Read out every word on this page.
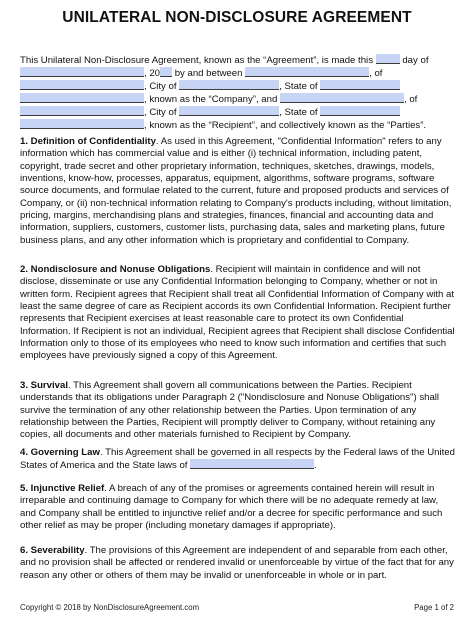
UNILATERAL NON-DISCLOSURE AGREEMENT
This Unilateral Non-Disclosure Agreement, known as the “Agreement”, is made this	day of
, 20 by and between	, of
, City of	, State of
, known as the “Company”, and	, of
, City of	, State of
, known as the “Recipient”, and collectively known as the “Parties”.
1. Definition of Confidentiality. As used in this Agreement, "Confidential Information" refers to any information which has commercial value and is either (i) technical information, including patent, copyright, trade secret and other proprietary information, techniques, sketches, drawings, models, inventions, know-how, processes, apparatus, equipment, algorithms, software programs, software source documents, and formulae related to the current, future and proposed products and services of Company, or (ii) non-technical information relating to Company's products including, without limitation, pricing, margins, merchandising plans and strategies, finances, financial and accounting data and information, suppliers, customers, customer lists, purchasing data, sales and marketing plans, future business plans, and any other information which is proprietary and confidential to Company.
2. Nondisclosure and Nonuse Obligations. Recipient will maintain in confidence and will not disclose, disseminate or use any Confidential Information belonging to Company, whether or not in written form. Recipient agrees that Recipient shall treat all Confidential Information of Company with at least the same degree of care as Recipient accords its own Confidential Information. Recipient further represents that Recipient exercises at least reasonable care to protect its own Confidential Information. If Recipient is not an individual, Recipient agrees that Recipient shall disclose Confidential Information only to those of its employees who need to know such information and certifies that such employees have previously signed a copy of this Agreement.
3. Survival. This Agreement shall govern all communications between the Parties. Recipient understands that its obligations under Paragraph 2 ("Nondisclosure and Nonuse Obligations") shall survive the termination of any other relationship between the Parties. Upon termination of any relationship between the Parties, Recipient will promptly deliver to Company, without retaining any copies, all documents and other materials furnished to Recipient by Company.
4. Governing Law. This Agreement shall be governed in all respects by the Federal laws of the United States of America and the State laws of	.
5. Injunctive Relief. A breach of any of the promises or agreements contained herein will result in irreparable and continuing damage to Company for which there will be no adequate remedy at law, and Company shall be entitled to injunctive relief and/or a decree for specific performance and such other relief as may be proper (including monetary damages if appropriate).
6. Severability. The provisions of this Agreement are independent of and separable from each other, and no provision shall be affected or rendered invalid or unenforceable by virtue of the fact that for any reason any other or others of them may be invalid or unenforceable in whole or in part.
Copyright © 2018 by NonDisclosureAgreement.com	Page 1 of 2
